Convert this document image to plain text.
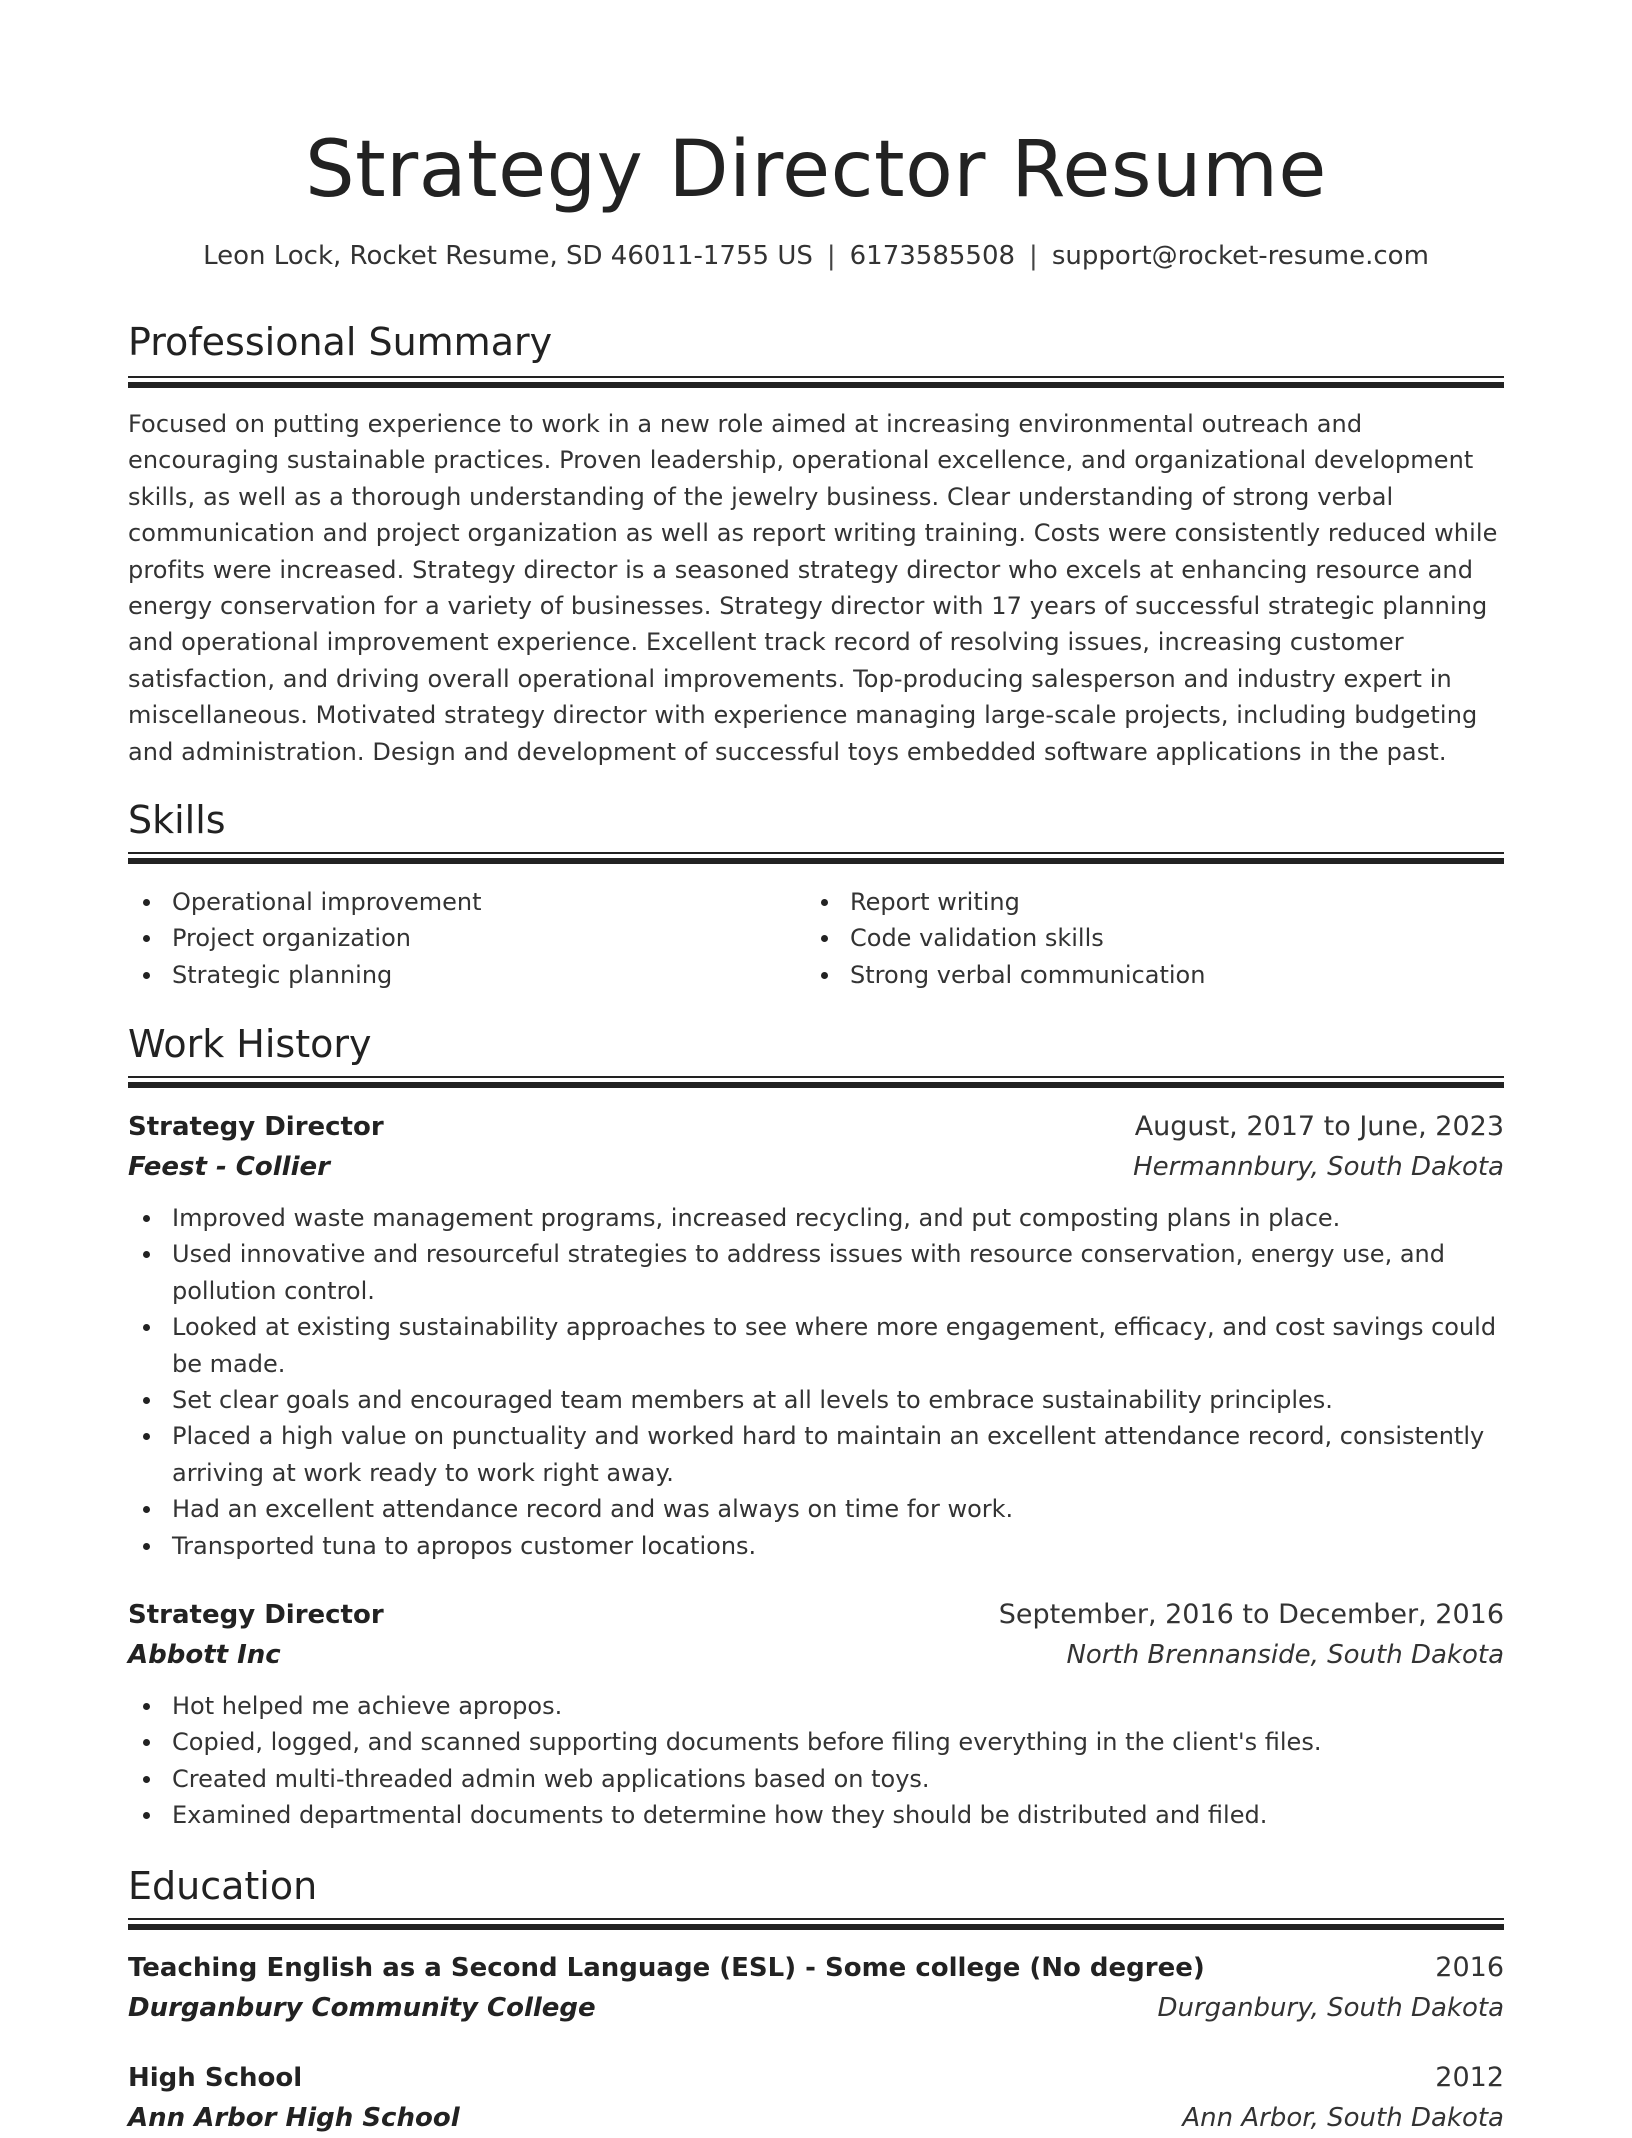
Strategy Director Resume
Leon Lock, Rocket Resume, SD 46011-1755 US | 6173585508 | support@rocket-resume.com
Professional Summary

Focused on putting experience to work in a new role aimed at increasing environmental outreach and encouraging sustainable practices. Proven leadership, operational excellence, and organizational development skills, as well as a thorough understanding of the jewelry business. Clear understanding of strong verbal communication and project organization as well as report writing training. Costs were consistently reduced while profits were increased. Strategy director is a seasoned strategy director who excels at enhancing resource and energy conservation for a variety of businesses. Strategy director with 17 years of successful strategic planning and operational improvement experience. Excellent track record of resolving issues, increasing customer satisfaction, and driving overall operational improvements. Top-producing salesperson and industry expert in miscellaneous. Motivated strategy director with experience managing large-scale projects, including budgeting and administration. Design and development of successful toys embedded software applications in the past.

Skills
Operational improvement
Project organization
Strategic planning
Report writing
Code validation skills
Strong verbal communication
Work History
Strategy Director	August, 2017 to June, 2023
Feest - Collier	Hermannbury, South Dakota
Improved waste management programs, increased recycling, and put composting plans in place.
Used innovative and resourceful strategies to address issues with resource conservation, energy use, and pollution control.
Looked at existing sustainability approaches to see where more engagement, efficacy, and cost savings could be made.
Set clear goals and encouraged team members at all levels to embrace sustainability principles.
Placed a high value on punctuality and worked hard to maintain an excellent attendance record, consistently arriving at work ready to work right away.
Had an excellent attendance record and was always on time for work.
Transported tuna to apropos customer locations.
Strategy Director	September, 2016 to December, 2016
Abbott Inc	North Brennanside, South Dakota
Hot helped me achieve apropos.
Copied, logged, and scanned supporting documents before filing everything in the client's files.
Created multi-threaded admin web applications based on toys.
Examined departmental documents to determine how they should be distributed and filed.
Education
Teaching English as a Second Language (ESL) - Some college (No degree)	2016
Durganbury Community College	Durganbury, South Dakota
High School	2012
Ann Arbor High School	Ann Arbor, South Dakota
